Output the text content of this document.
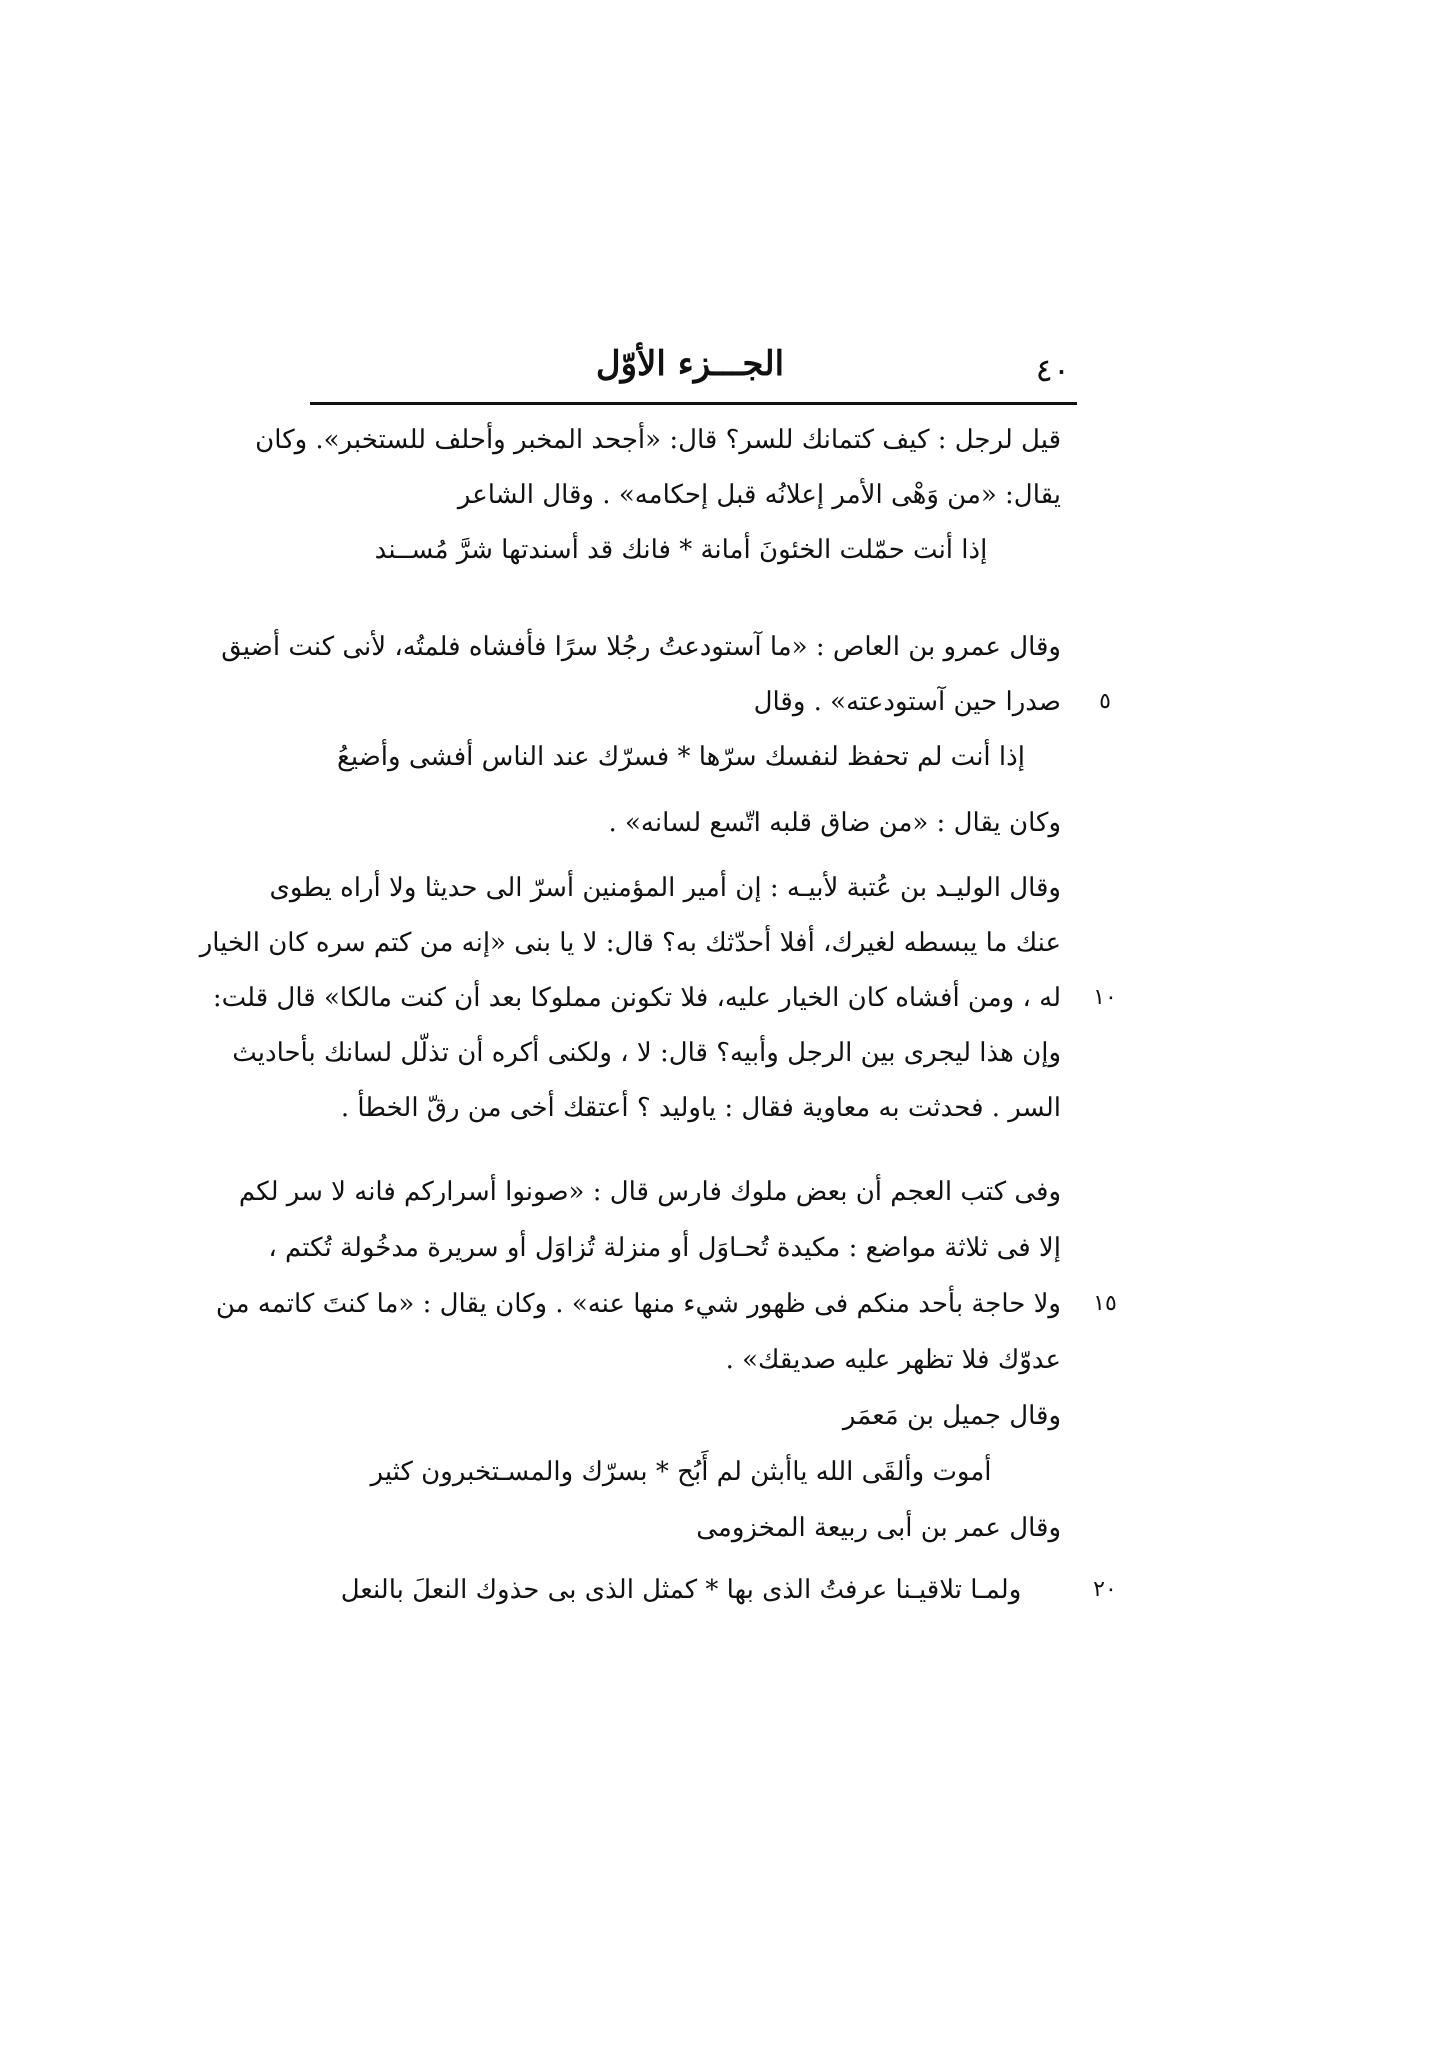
الجـــزء الأوّل	٤٠
قيل لرجل : كيف كتمانك للسر؟ قال: «أجحد المخبر وأحلف للستخبر». وكان
يقال: «من وَهْى الأمر إعلانُه قبل إحكامه» . وقال الشاعر
إذا أنت حمّلت الخئونَ أمانة * فانك قد أسندتها شرَّ مُســند
وقال عمرو بن العاص : «ما آستودعتُ رجُلا سرًا فأفشاه فلمتُه، لأنى كنت أضيق
صدرا حين آستودعته» . وقال
إذا أنت لم تحفظ لنفسك سرّها * فسرّك عند الناس أفشى وأضيعُ
وكان يقال : «من ضاق قلبه اتّسع لسانه» .
وقال الوليـد بن عُتبة لأبيـه : إن أمير المؤمنين أسرّ الى حديثا ولا أراه يطوى
عنك ما يبسطه لغيرك، أفلا أحدّثك به؟ قال: لا يا بنى «إنه من كتم سره كان الخيار
له ، ومن أفشاه كان الخيار عليه، فلا تكونن مملوكا بعد أن كنت مالكا» قال قلت:
وإن هذا ليجرى بين الرجل وأبيه؟ قال: لا ، ولكنى أكره أن تذلّل لسانك بأحاديث
السر . فحدثت به معاوية فقال : ياوليد ؟ أعتقك أخى من رقّ الخطأ .
وفى كتب العجم أن بعض ملوك فارس قال : «صونوا أسراركم فانه لا سر لكم
إلا فى ثلاثة مواضع : مكيدة تُحـاوَل أو منزلة تُزاوَل أو سريرة مدخُولة تُكتم ،
ولا حاجة بأحد منكم فى ظهور شيء منها عنه» . وكان يقال : «ما كنتَ كاتمه من
عدوّك فلا تظهر عليه صديقك» .
وقال جميل بن مَعمَر
أموت وألقَى الله ياأبثن لم أَبُح * بسرّك والمسـتخبرون كثير
وقال عمر بن أبى ربيعة المخزومى
ولمـا تلاقيـنا عرفتُ الذى بها * كمثل الذى بى حذوك النعلَ بالنعل
٥
١٠
١٥
٢٠
